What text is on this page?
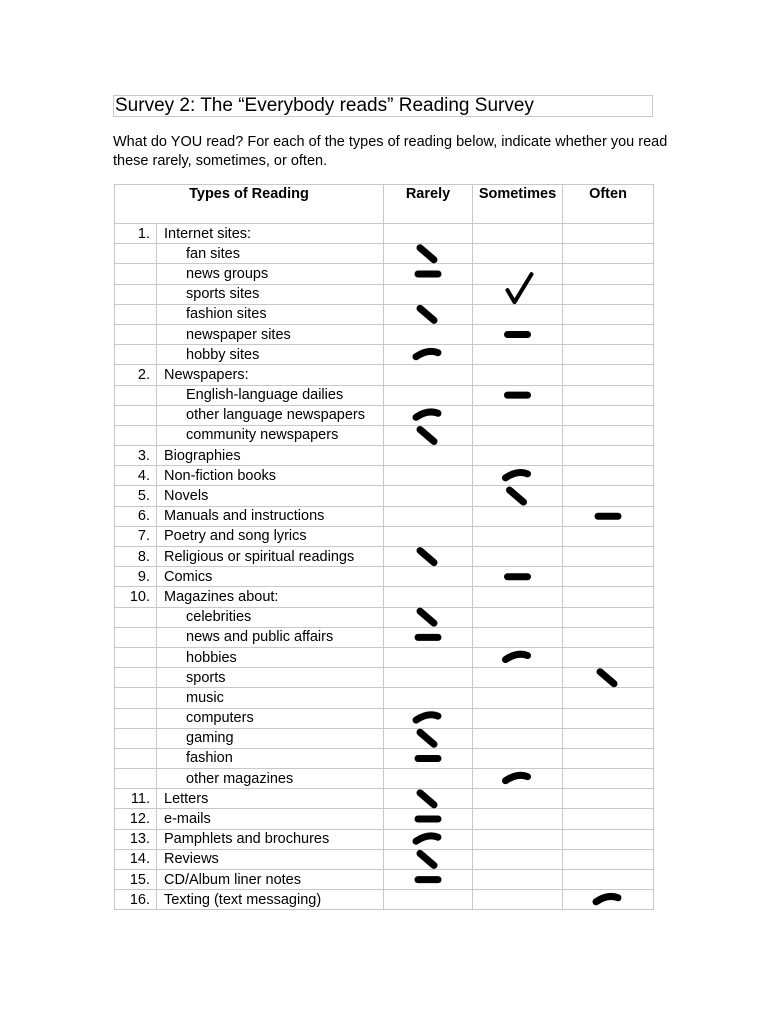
Survey 2: The “Everybody reads” Reading Survey
What do YOU read? For each of the types of reading below, indicate whether you read these rarely, sometimes, or often.
Types of Reading		Rarely	Sometimes	Often
1.	Internet sites:			
	fan sites			
	news groups			
	sports sites			
	fashion sites			
	newspaper sites			
	hobby sites			
2.	Newspapers:			
	English-language dailies			
	other language newspapers			
	community newspapers			
3.	Biographies			
4.	Non-fiction books			
5.	Novels			
6.	Manuals and instructions			
7.	Poetry and song lyrics			
8.	Religious or spiritual readings			
9.	Comics			
10.	Magazines about:			
	celebrities			
	news and public affairs			
	hobbies			
	sports			
	music			
	computers			
	gaming			
	fashion			
	other magazines			
11.	Letters			
12.	e-mails			
13.	Pamphlets and brochures			
14.	Reviews			
15.	CD/Album liner notes			
16.	Texting (text messaging)			
